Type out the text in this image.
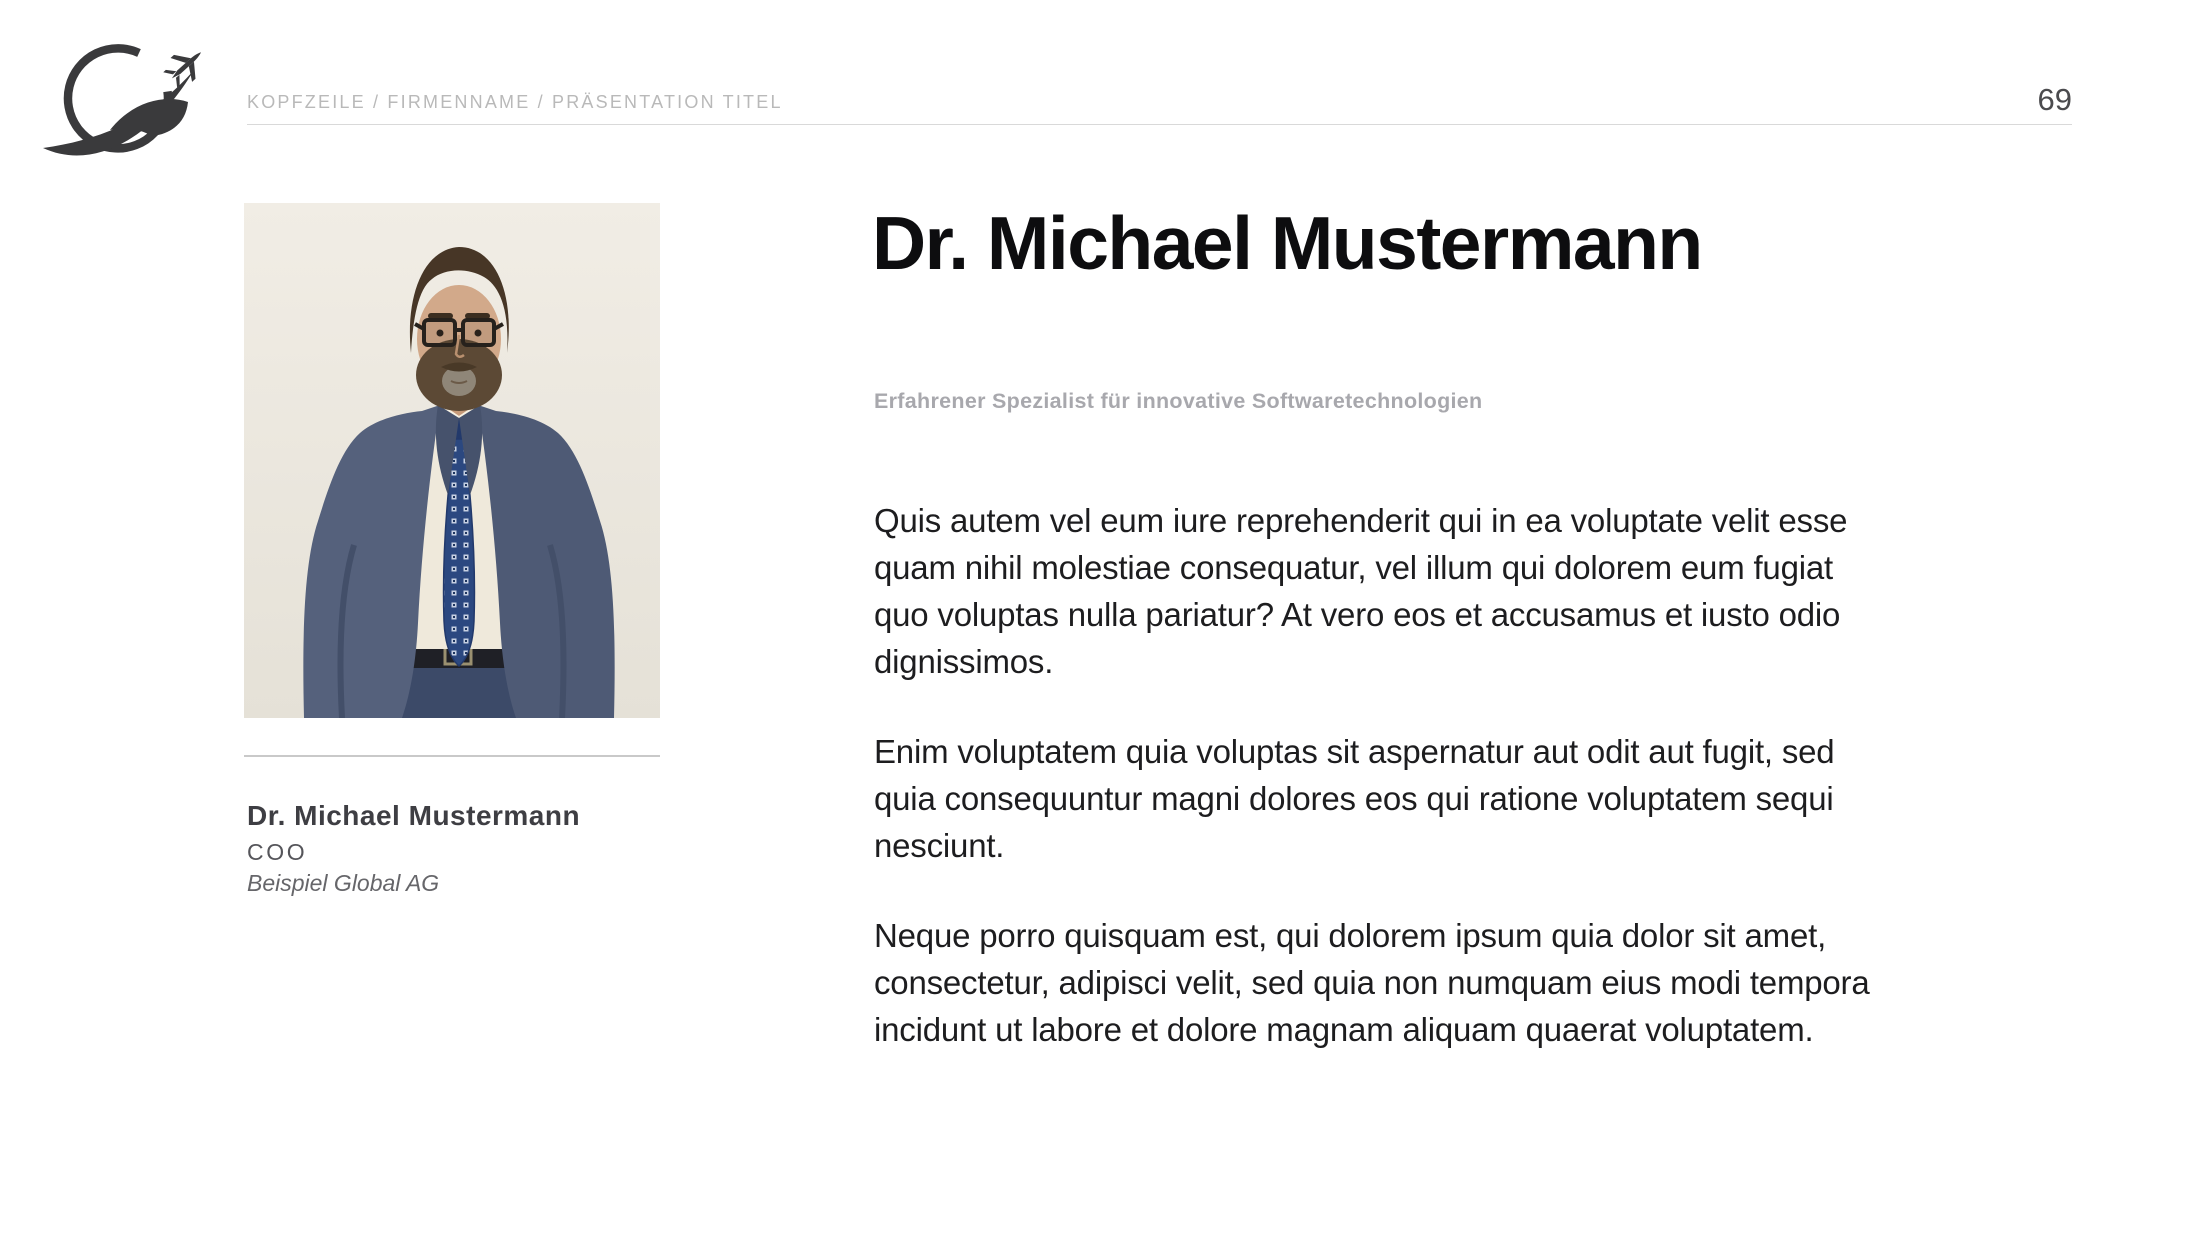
KOPFZEILE / FIRMENNAME / PRÄSENTATION TITEL	69
Dr. Michael Mustermann
COO
Beispiel Global AG
Dr. Michael Mustermann
Erfahrener Spezialist für innovative Softwaretechnologien

Quis autem vel eum iure reprehenderit qui in ea voluptate velit esse quam nihil molestiae consequatur, vel illum qui dolorem eum fugiat quo voluptas nulla pariatur? At vero eos et accusamus et iusto odio dignissimos.

Enim voluptatem quia voluptas sit aspernatur aut odit aut fugit, sed quia consequuntur magni dolores eos qui ratione voluptatem sequi nesciunt.

Neque porro quisquam est, qui dolorem ipsum quia dolor sit amet, consectetur, adipisci velit, sed quia non numquam eius modi tempora incidunt ut labore et dolore magnam aliquam quaerat voluptatem.
